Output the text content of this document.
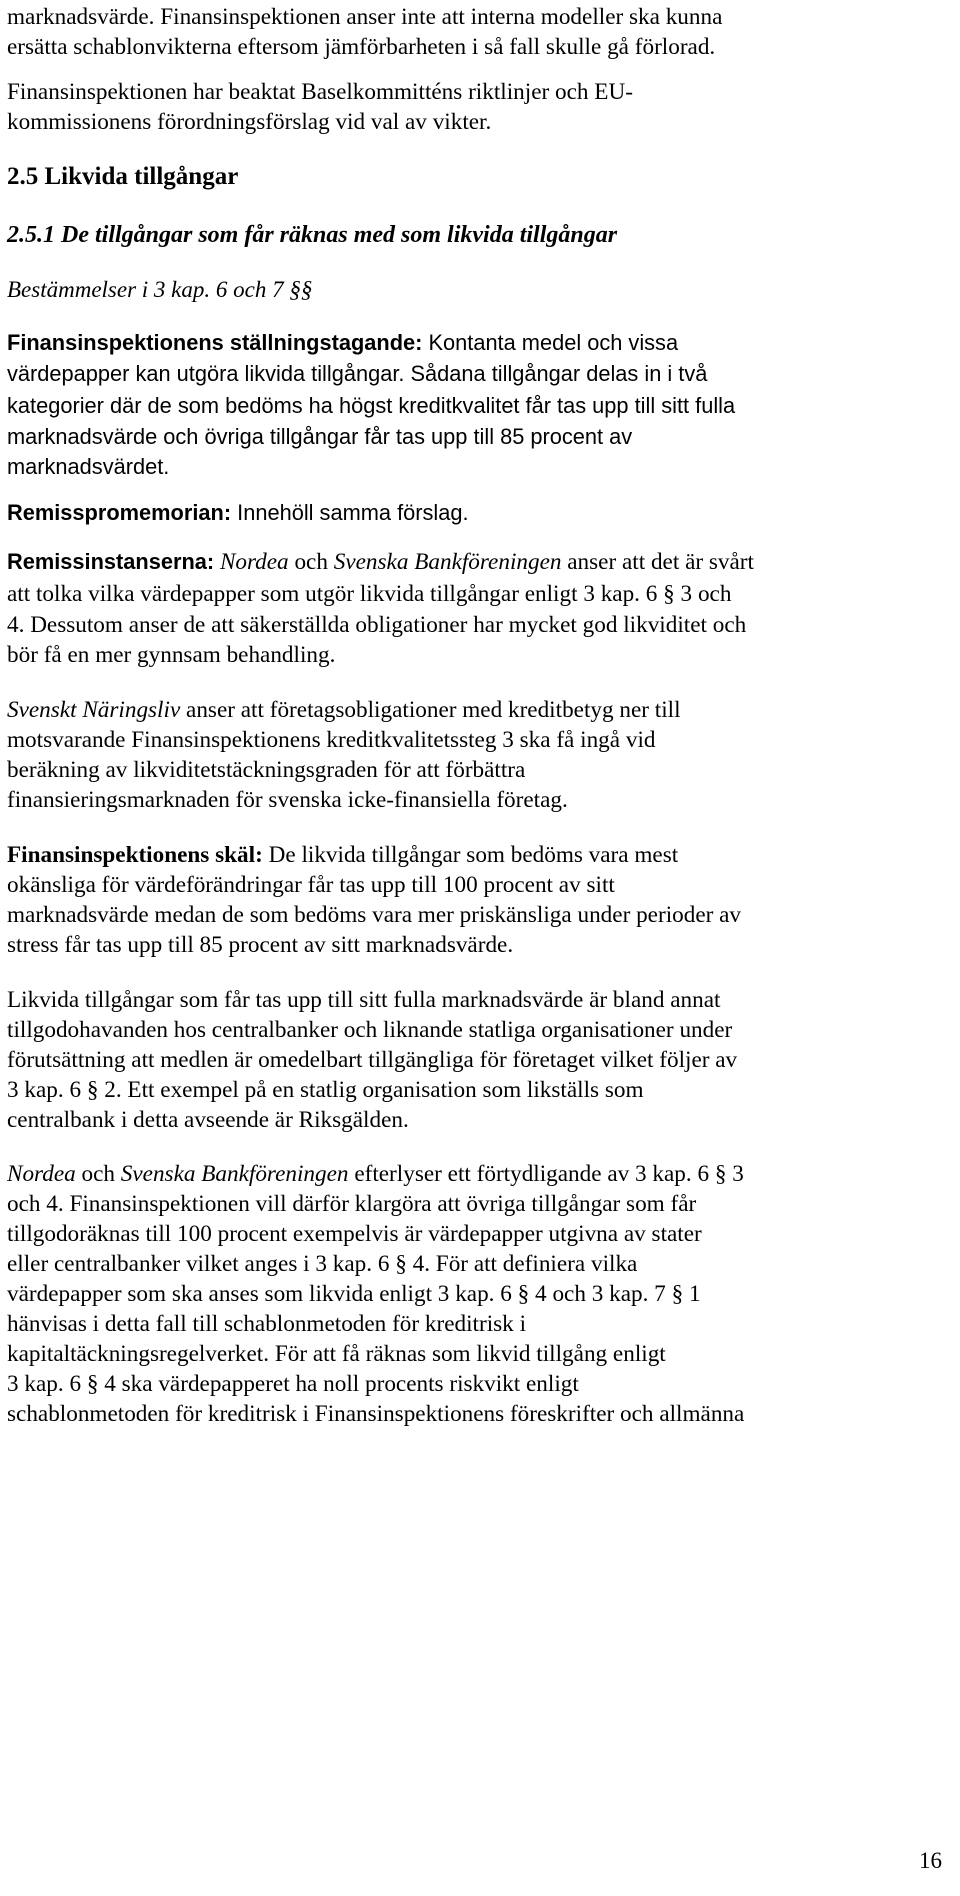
marknadsvärde. Finansinspektionen anser inte att interna modeller ska kunna

ersätta schablonvikterna eftersom jämförbarheten i så fall skulle gå förlorad.

Finansinspektionen har beaktat Baselkommitténs riktlinjer och EU-

kommissionens förordningsförslag vid val av vikter.

2.5 Likvida tillgångar

2.5.1 De tillgångar som får räknas med som likvida tillgångar

Bestämmelser i 3 kap. 6 och 7 §§

Finansinspektionens ställningstagande: Kontanta medel och vissa

värdepapper kan utgöra likvida tillgångar. Sådana tillgångar delas in i två

kategorier där de som bedöms ha högst kreditkvalitet får tas upp till sitt fulla

marknadsvärde och övriga tillgångar får tas upp till 85 procent av

marknadsvärdet.

Remisspromemorian: Innehöll samma förslag.

Remissinstanserna: Nordea och Svenska Bankföreningen anser att det är svårt

att tolka vilka värdepapper som utgör likvida tillgångar enligt 3 kap. 6 § 3 och

4. Dessutom anser de att säkerställda obligationer har mycket god likviditet och

bör få en mer gynnsam behandling.

Svenskt Näringsliv anser att företagsobligationer med kreditbetyg ner till

motsvarande Finansinspektionens kreditkvalitetssteg 3 ska få ingå vid

beräkning av likviditetstäckningsgraden för att förbättra

finansieringsmarknaden för svenska icke-finansiella företag.

Finansinspektionens skäl: De likvida tillgångar som bedöms vara mest

okänsliga för värdeförändringar får tas upp till 100 procent av sitt

marknadsvärde medan de som bedöms vara mer priskänsliga under perioder av

stress får tas upp till 85 procent av sitt marknadsvärde.

Likvida tillgångar som får tas upp till sitt fulla marknadsvärde är bland annat

tillgodohavanden hos centralbanker och liknande statliga organisationer under

förutsättning att medlen är omedelbart tillgängliga för företaget vilket följer av

3 kap. 6 § 2. Ett exempel på en statlig organisation som likställs som

centralbank i detta avseende är Riksgälden.

Nordea och Svenska Bankföreningen efterlyser ett förtydligande av 3 kap. 6 § 3

och 4. Finansinspektionen vill därför klargöra att övriga tillgångar som får

tillgodoräknas till 100 procent exempelvis är värdepapper utgivna av stater

eller centralbanker vilket anges i 3 kap. 6 § 4. För att definiera vilka

värdepapper som ska anses som likvida enligt 3 kap. 6 § 4 och 3 kap. 7 § 1

hänvisas i detta fall till schablonmetoden för kreditrisk i

kapitaltäckningsregelverket. För att få räknas som likvid tillgång enligt

3 kap. 6 § 4 ska värdepapperet ha noll procents riskvikt enligt

schablonmetoden för kreditrisk i Finansinspektionens föreskrifter och allmänna

16
